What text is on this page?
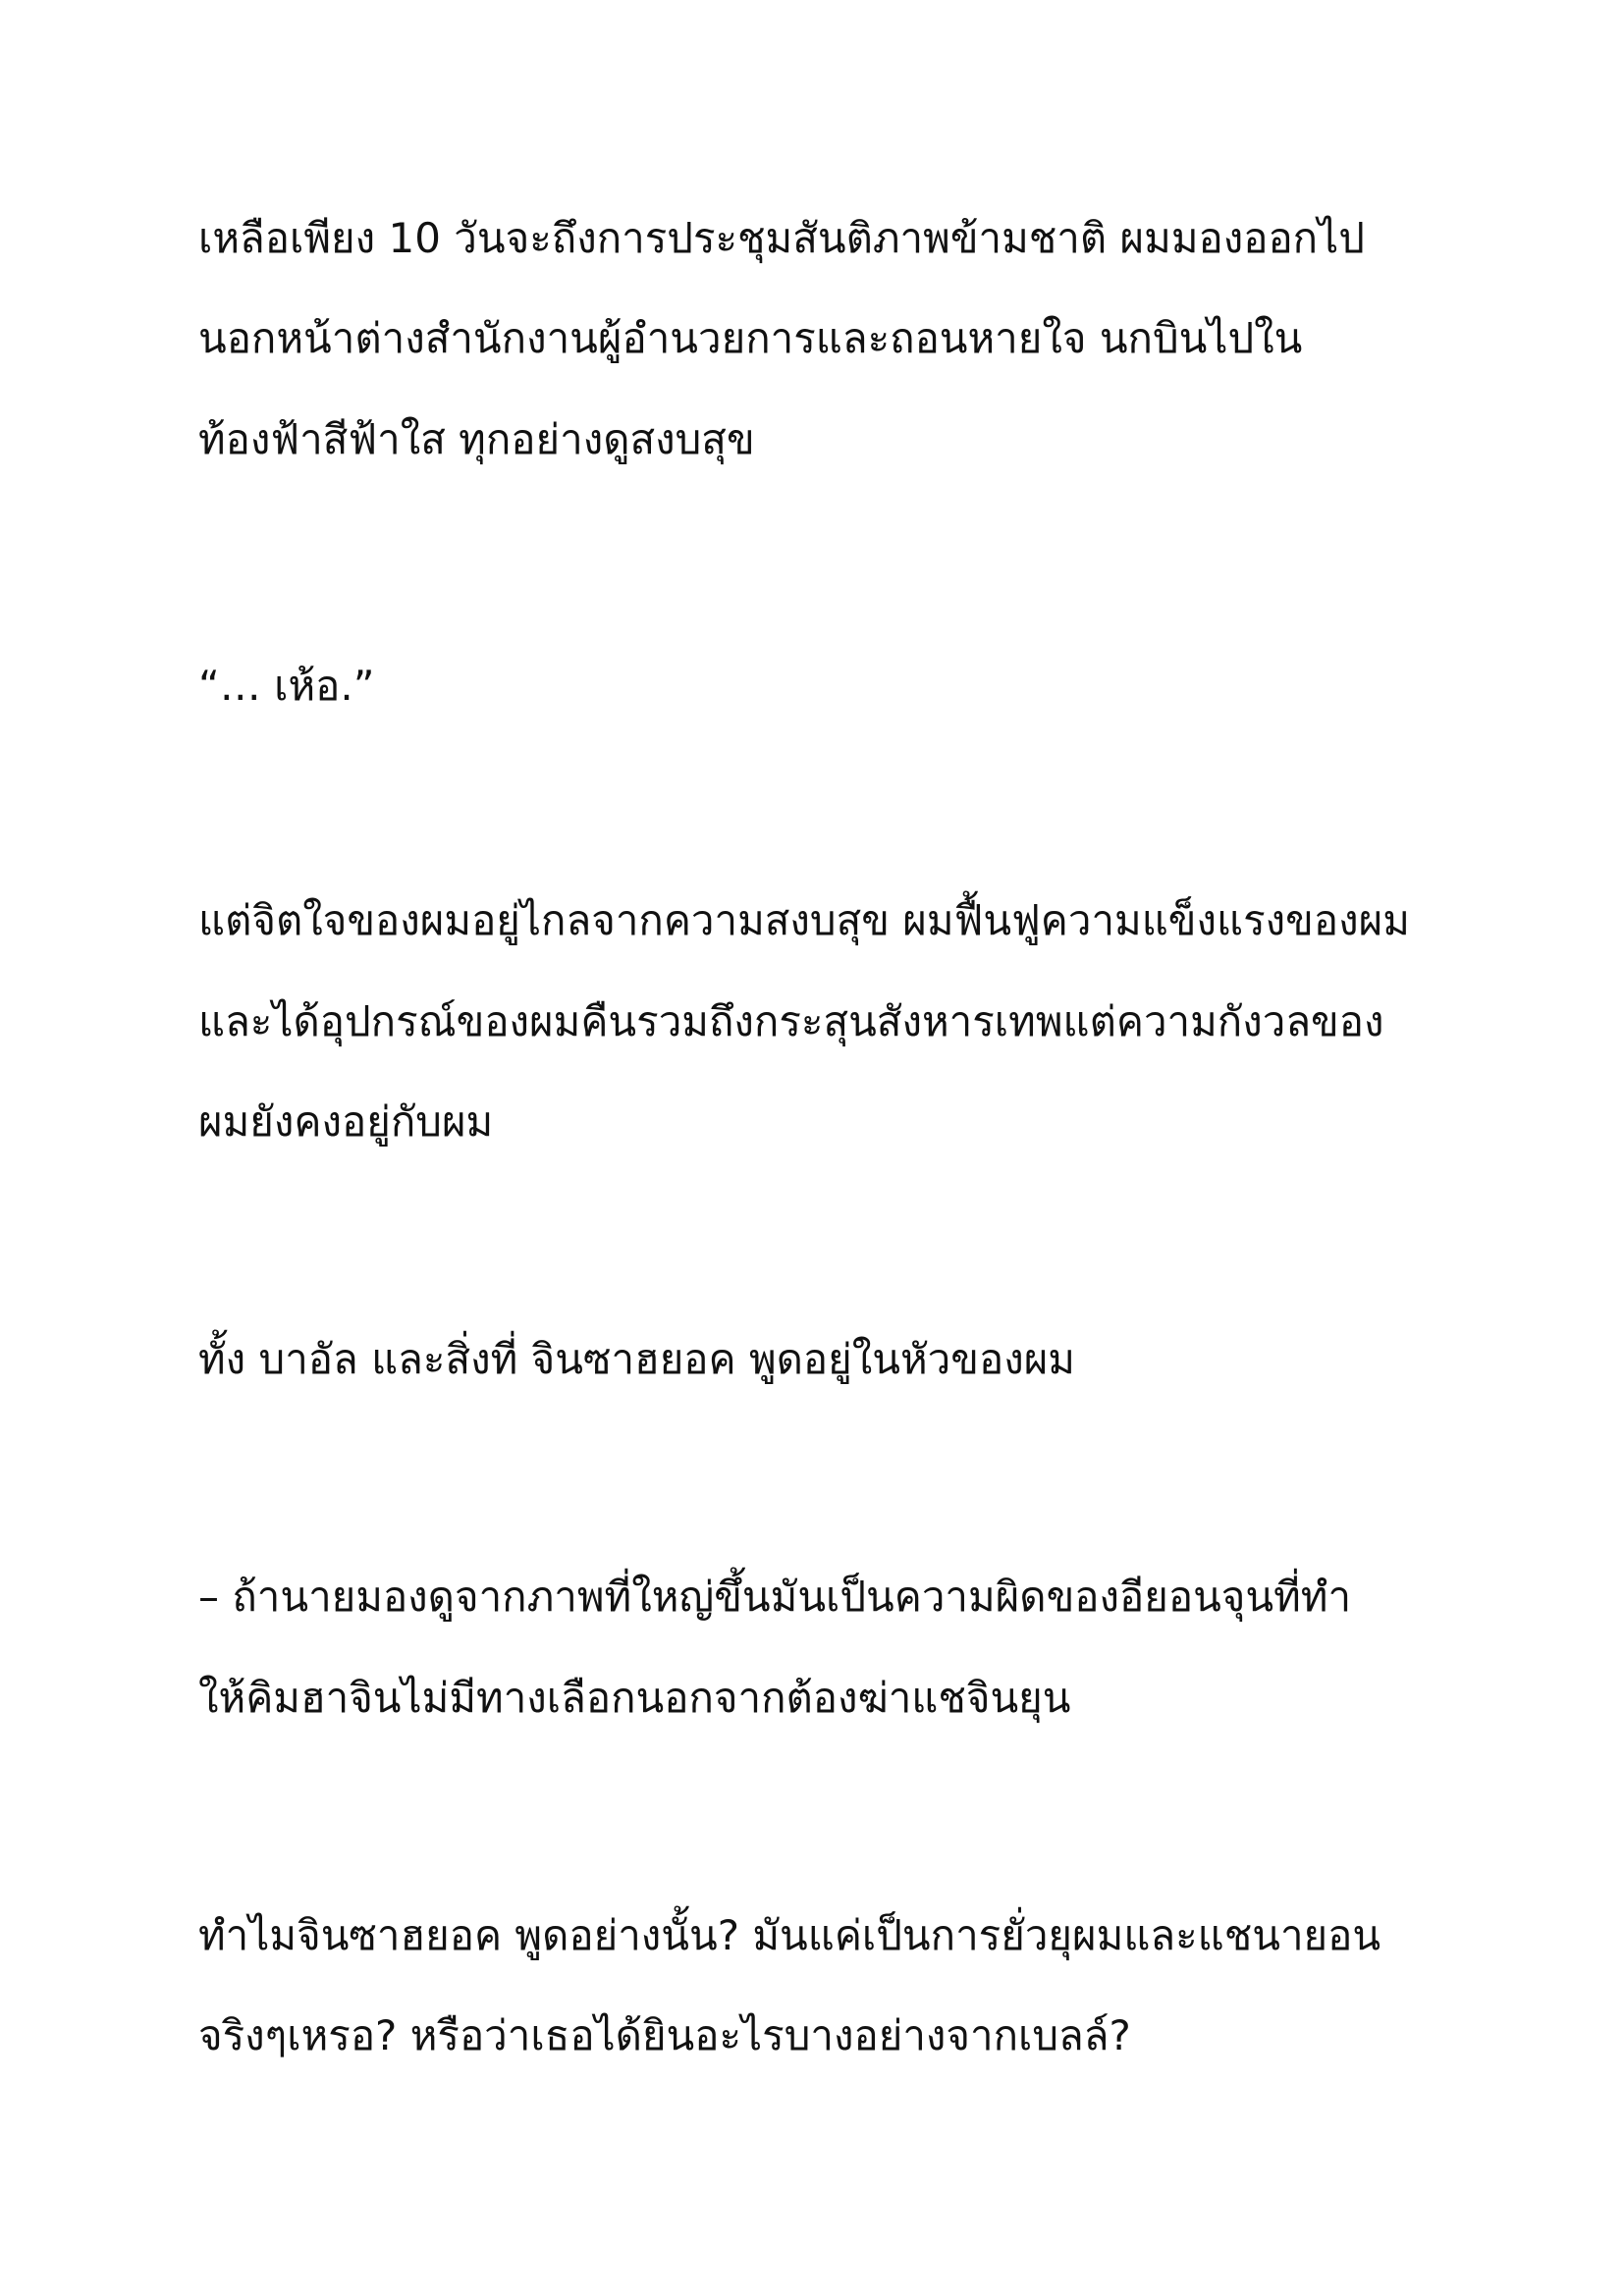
เหลือเพียง 10 วันจะถึงการประชุมสันติภาพข้ามชาติ ผมมองออกไป

นอกหน้าต่างสำนักงานผู้อำนวยการและถอนหายใจ นกบินไปใน

ท้องฟ้าสีฟ้าใส ทุกอย่างดูสงบสุข

“… เห้อ.”

แต่จิตใจของผมอยู่ไกลจากความสงบสุข ผมฟื้นฟูความแข็งแรงของผม

และได้อุปกรณ์ของผมคืนรวมถึงกระสุนสังหารเทพแต่ความกังวลของ

ผมยังคงอยู่กับผม

ทั้ง บาอัล และสิ่งที่ จินซาฮยอค พูดอยู่ในหัวของผม

– ถ้านายมองดูจากภาพที่ใหญ่ขึ้นมันเป็นความผิดของอียอนจุนที่ทำ

ให้คิมฮาจินไม่มีทางเลือกนอกจากต้องฆ่าแชจินยุน

ทำไมจินซาฮยอค พูดอย่างนั้น? มันแค่เป็นการยั่วยุผมและแชนายอน

จริงๆเหรอ? หรือว่าเธอได้ยินอะไรบางอย่างจากเบลล์?
